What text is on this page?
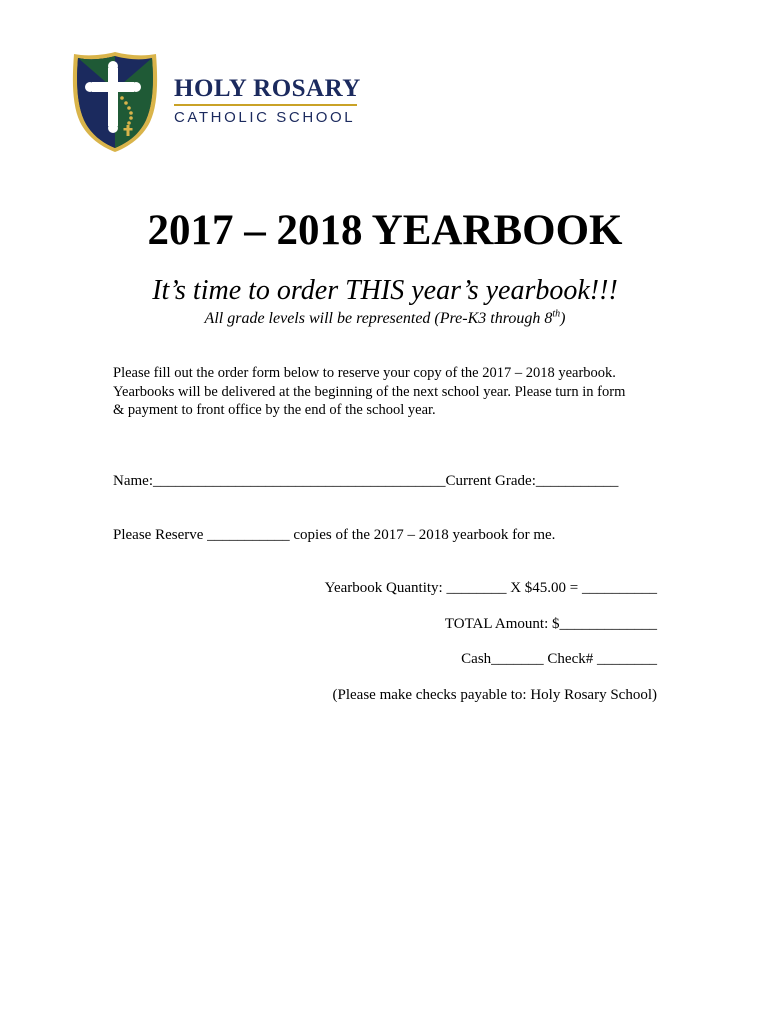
HOLY ROSARY
CATHOLIC SCHOOL
2017 – 2018 YEARBOOK
It’s time to order THIS year’s yearbook!!!
All grade levels will be represented (Pre-K3 through 8th)

Please fill out the order form below to reserve your copy of the 2017 – 2018 yearbook.

Yearbooks will be delivered at the beginning of the next school year. Please turn in form

& payment to front office by the end of the school year.

Name:_______________________________________Current Grade:___________
Please Reserve ___________ copies of the 2017 – 2018 yearbook for me.
Yearbook Quantity: ________ X $45.00 = __________
TOTAL Amount: $_____________
Cash_______ Check# ________
(Please make checks payable to: Holy Rosary School)
